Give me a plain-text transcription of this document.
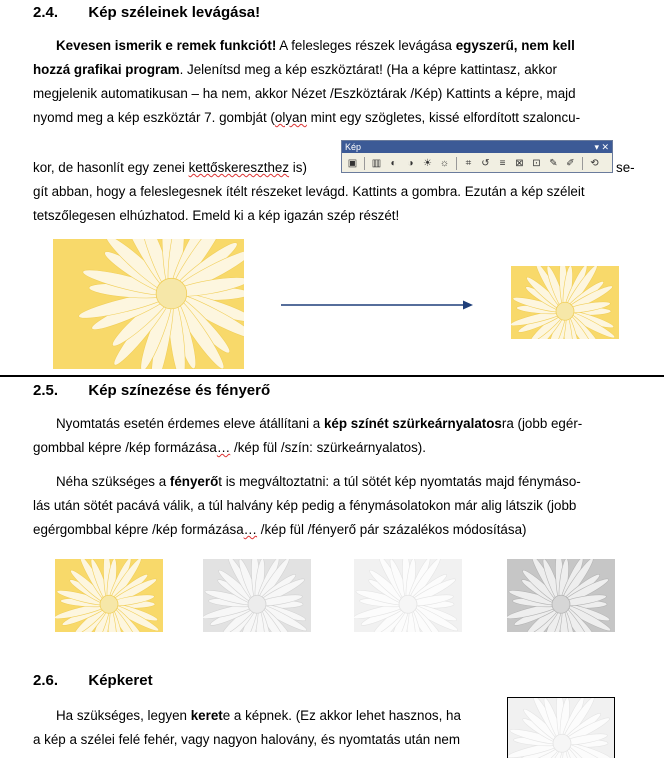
2.4. Kép széleinek levágása!
Kevesen ismerik e remek funkciót! A felesleges részek levágása egyszerű, nem kell
hozzá grafikai program. Jelenítsd meg a kép eszköztárat! (Ha a képre kattintasz, akkor
megjelenik automatikusan – ha nem, akkor Nézet /Eszköztárak /Kép) Kattints a képre, majd
nyomd meg a kép eszköztár 7. gombját (olyan mint egy szögletes, kissé elfordított szaloncu-
kor, de hasonlít egy zenei kettőskereszthez is)	se-
gít abban, hogy a feleslegesnek ítélt részeket levágd. Kattints a gombra. Ezután a kép széleit
tetszőlegesen elhúzhatod. Emeld ki a kép igazán szép részét!
Kép	▾ ✕
▣ ▥ ◐	◑ ☀ ☼	⌗ ↺ ≡ ⊠ ⊡ ✎ ✐	⟲
2.5. Kép színezése és fényerő
Nyomtatás esetén érdemes eleve átállítani a kép színét szürkeárnyalatosra (jobb egér-
gombbal képre /kép formázása… /kép fül /szín: szürkeárnyalatos).
Néha szükséges a fényerőt is megváltoztatni: a túl sötét kép nyomtatás majd fénymáso-
lás után sötét pacává válik, a túl halvány kép pedig a fénymásolatokon már alig látszik (jobb
egérgombbal képre /kép formázása… /kép fül /fényerő pár százalékos módosítása)
2.6. Képkeret
Ha szükséges, legyen kerete a képnek. (Ez akkor lehet hasznos, ha
a kép a szélei felé fehér, vagy nagyon halovány, és nyomtatás után nem
